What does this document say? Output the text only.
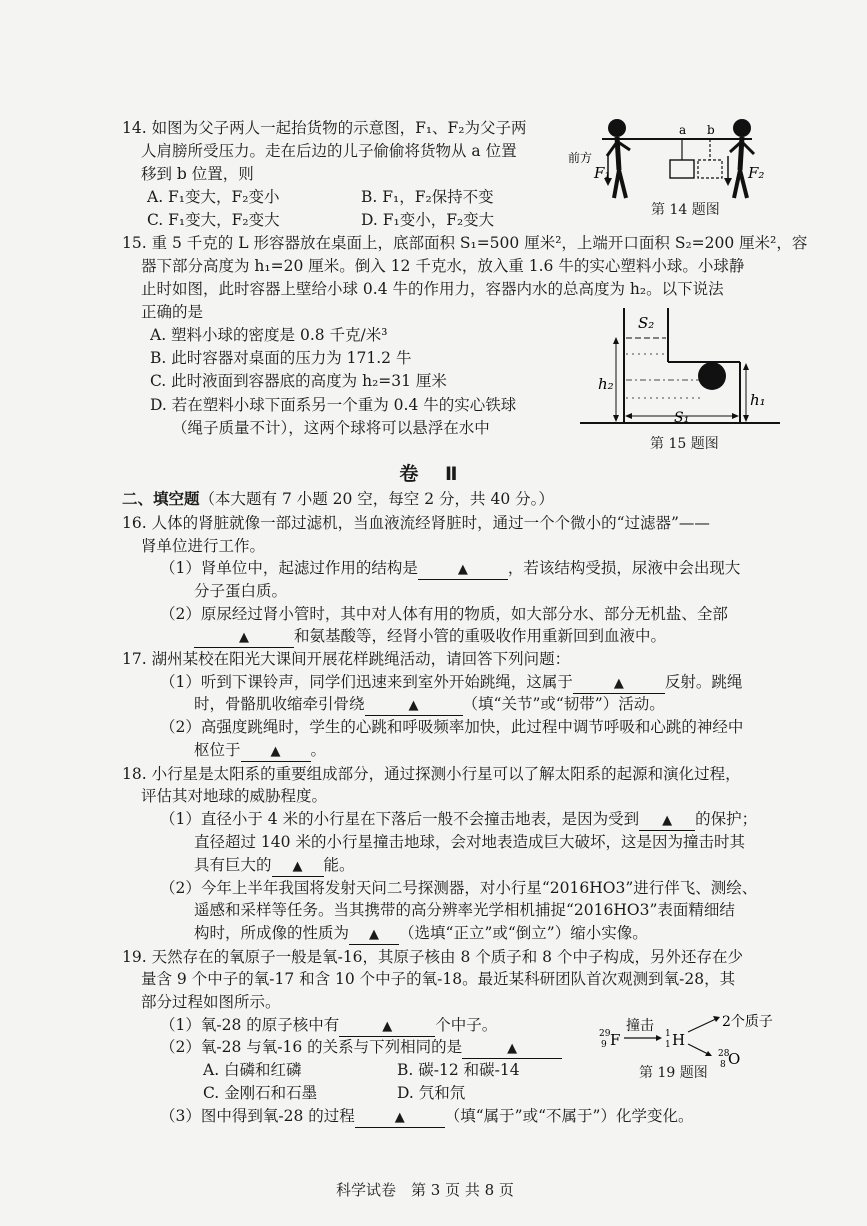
14. 如图为父子两人一起抬货物的示意图，F₁、F₂为父子两
人肩膀所受压力。走在后边的儿子偷偷将货物从 a 位置
移到 b 位置，则
A. F₁变大，F₂变小	B. F₁，F₂保持不变
C. F₁变大，F₂变大	D. F₁变小，F₂变大
a b
前方
F₁	F₂
第 14 题图
15. 重 5 千克的 L 形容器放在桌面上，底部面积 S₁=500 厘米²，上端开口面积 S₂=200 厘米²，容
器下部分高度为 h₁=20 厘米。倒入 12 千克水，放入重 1.6 牛的实心塑料小球。小球静
止时如图，此时容器上壁给小球 0.4 牛的作用力，容器内水的总高度为 h₂。以下说法
正确的是
A. 塑料小球的密度是 0.8 千克/米³
B. 此时容器对桌面的压力为 171.2 牛
C. 此时液面到容器底的高度为 h₂=31 厘米
D. 若在塑料小球下面系另一个重为 0.4 牛的实心铁球
（绳子质量不计），这两个球将可以悬浮在水中
S₂
h₂
h₁
S₁
第 15 题图
卷 Ⅱ
二、填空题（本大题有 7 小题 20 空，每空 2 分，共 40 分。）
16. 人体的肾脏就像一部过滤机，当血液流经肾脏时，通过一个个微小的“过滤器”——
肾单位进行工作。
（1）肾单位中，起滤过作用的结构是	▲	，若该结构受损，尿液中会出现大
分子蛋白质。
（2）原尿经过肾小管时，其中对人体有用的物质，如大部分水、部分无机盐、全部
▲	和氨基酸等，经肾小管的重吸收作用重新回到血液中。
17. 湖州某校在阳光大课间开展花样跳绳活动，请回答下列问题：
（1）听到下课铃声，同学们迅速来到室外开始跳绳，这属于	▲	反射。跳绳
时，骨骼肌收缩牵引骨绕	▲	（填“关节”或“韧带”）活动。
（2）高强度跳绳时，学生的心跳和呼吸频率加快，此过程中调节呼吸和心跳的神经中
枢位于 ▲ 。
18. 小行星是太阳系的重要组成部分，通过探测小行星可以了解太阳系的起源和演化过程，
评估其对地球的威胁程度。
（1）直径小于 4 米的小行星在下落后一般不会撞击地表，是因为受到 ▲ 的保护；
直径超过 140 米的小行星撞击地球，会对地表造成巨大破坏，这是因为撞击时其
具有巨大的 ▲ 能。
（2）今年上半年我国将发射天问二号探测器，对小行星“2016HO3”进行伴飞、测绘、
遥感和采样等任务。当其携带的高分辨率光学相机捕捉“2016HO3”表面精细结
构时，所成像的性质为 ▲ （选填“正立”或“倒立”）缩小实像。
19. 天然存在的氧原子一般是氧-16，其原子核由 8 个质子和 8 个中子构成，另外还存在少
量含 9 个中子的氧-17 和含 10 个中子的氧-18。最近某科研团队首次观测到氧-28，其
部分过程如图所示。
（1）氧-28 的原子核中有	▲	个中子。
（2）氧-28 与氧-16 的关系与下列相同的是	▲
A. 白磷和红磷	B. 碳-12 和碳-14
C. 金刚石和石墨	D. 氕和氘
（3）图中得到氧-28 的过程	▲	（填“属于”或“不属于”）化学变化。
29
9 F
撞击 1
1 H
2个质子
28
8 O
第 19 题图
科学试卷　第 3 页 共 8 页
